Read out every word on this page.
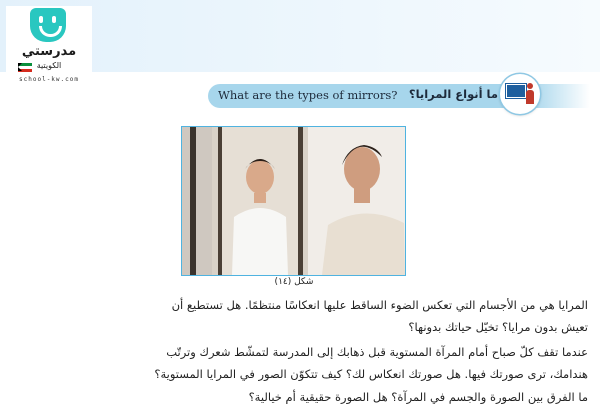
مدرستي
الكويتية
school-kw.com
What are the types of mirrors? ما أنواع المرايا؟
شكل (١٤)
المرايا هي من الأجسام التي تعكس الضوء الساقط عليها انعكاسًا منتظمًا. هل تستطيع أن
تعيش بدون مرايا؟ تخيّل حياتك بدونها؟
عندما تقف كلّ صباح أمام المرآة المستوية قبل ذهابك إلى المدرسة لتمشّط شعرك وترتّب
هندامك، ترى صورتك فيها. هل صورتك انعكاس لك؟ كيف تتكوّن الصور في المرايا المستوية؟
ما الفرق بين الصورة والجسم في المرآة؟ هل الصورة حقيقية أم خيالية؟
